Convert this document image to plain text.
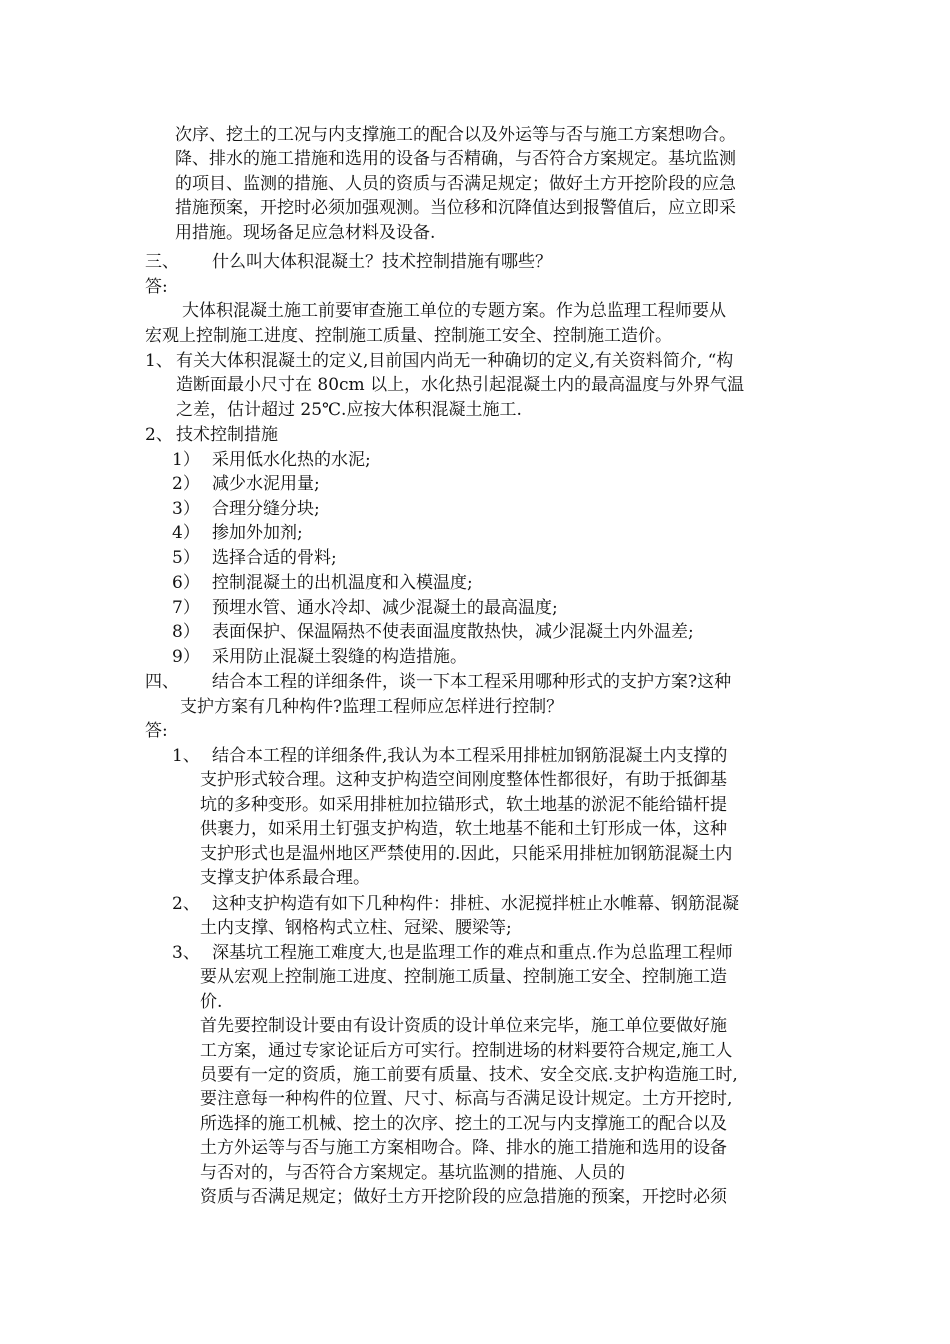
次序、挖土的工况与内支撑施工的配合以及外运等与否与施工方案想吻合。

降、排水的施工措施和选用的设备与否精确，与否符合方案规定。基坑监测

的项目、监测的措施、人员的资质与否满足规定；做好土方开挖阶段的应急

措施预案，开挖时必须加强观测。当位移和沉降值达到报警值后，应立即采

用措施。现场备足应急材料及设备.

三、 什么叫大体积混凝土？技术控制措施有哪些？
答:

大体积混凝土施工前要审查施工单位的专题方案。作为总监理工程师要从

宏观上控制施工进度、控制施工质量、控制施工安全、控制施工造价。

1、 有关大体积混凝土的定义,目前国内尚无一种确切的定义,有关资料简介, “构

造断面最小尺寸在 80cm 以上，水化热引起混凝土内的最高温度与外界气温

之差，估计超过 25℃.应按大体积混凝土施工.

2、 技术控制措施
1） 采用低水化热的水泥;
2） 减少水泥用量;
3） 合理分缝分块;
4） 掺加外加剂;
5） 选择合适的骨料;
6） 控制混凝土的出机温度和入模温度;
7） 预埋水管、通水冷却、减少混凝土的最高温度;
8） 表面保护、保温隔热不使表面温度散热快，减少混凝土内外温差;
9） 采用防止混凝土裂缝的构造措施。
四、 结合本工程的详细条件，谈一下本工程采用哪种形式的支护方案?这种
支护方案有几种构件?监理工程师应怎样进行控制？
答:
1、 结合本工程的详细条件,我认为本工程采用排桩加钢筋混凝土内支撑的

支护形式较合理。这种支护构造空间刚度整体性都很好，有助于抵御基

坑的多种变形。如采用排桩加拉锚形式，软土地基的淤泥不能给锚杆提

供裹力，如采用土钉强支护构造，软土地基不能和土钉形成一体，这种

支护形式也是温州地区严禁使用的.因此，只能采用排桩加钢筋混凝土内

支撑支护体系最合理。

2、 这种支护构造有如下几种构件：排桩、水泥搅拌桩止水帷幕、钢筋混凝

土内支撑、钢格构式立柱、冠梁、腰梁等;

3、 深基坑工程施工难度大,也是监理工作的难点和重点.作为总监理工程师

要从宏观上控制施工进度、控制施工质量、控制施工安全、控制施工造

价.

首先要控制设计要由有设计资质的设计单位来完毕，施工单位要做好施

工方案，通过专家论证后方可实行。控制进场的材料要符合规定,施工人

员要有一定的资质，施工前要有质量、技术、安全交底.支护构造施工时,

要注意每一种构件的位置、尺寸、标高与否满足设计规定。土方开挖时,

所选择的施工机械、挖土的次序、挖土的工况与内支撑施工的配合以及

土方外运等与否与施工方案相吻合。降、排水的施工措施和选用的设备

与否对的，与否符合方案规定。基坑监测的措施、人员的

资质与否满足规定；做好土方开挖阶段的应急措施的预案，开挖时必须
